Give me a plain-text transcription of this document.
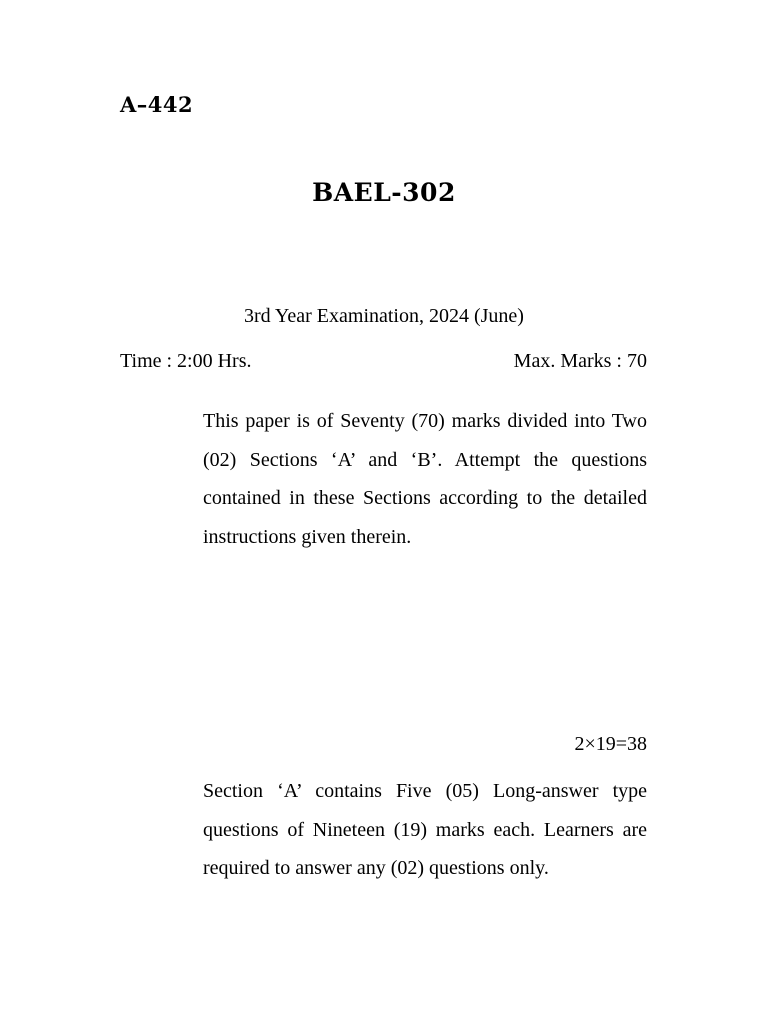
A–442
BAEL-302
3rd Year Examination, 2024 (June)
Time : 2:00 Hrs.	Max. Marks : 70
This paper is of Seventy (70) marks divided into Two (02) Sections ‘A’ and ‘B’. Attempt the questions contained in these Sections according to the detailed instructions given therein.
2×19=38
Section ‘A’ contains Five (05) Long-answer type questions of Nineteen (19) marks each. Learners are required to answer any (02) questions only.
